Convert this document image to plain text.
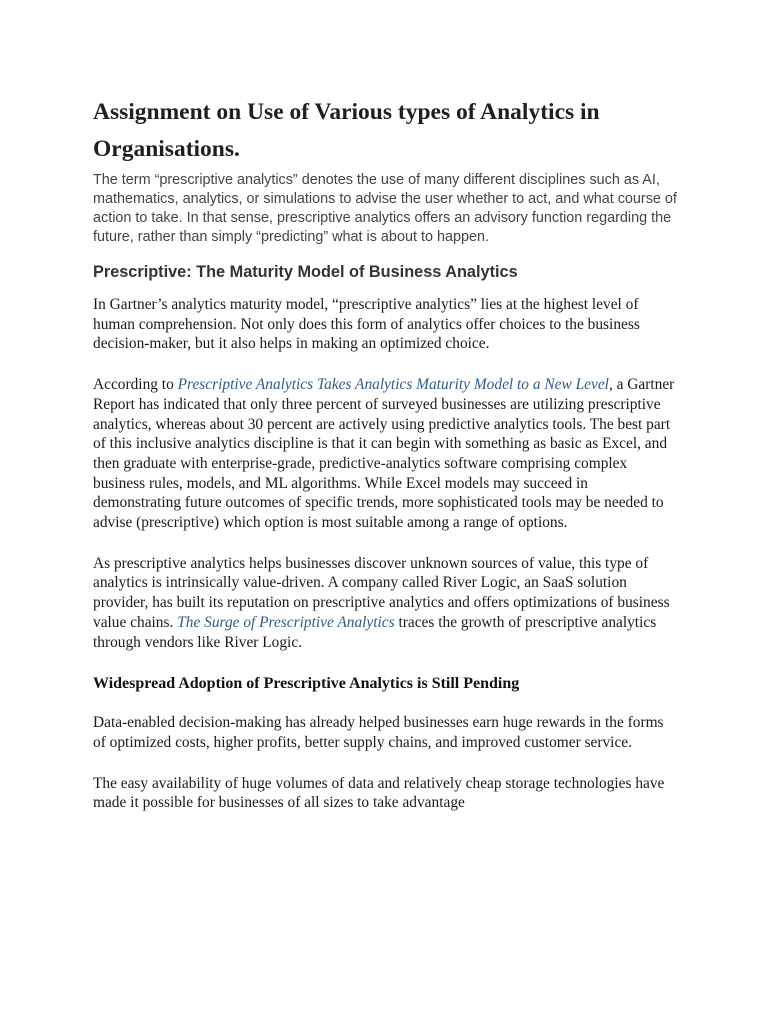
Assignment on Use of Various types of Analytics in Organisations.

The term “prescriptive analytics” denotes the use of many different disciplines such as AI, mathematics, analytics, or simulations to advise the user whether to act, and what course of action to take. In that sense, prescriptive analytics offers an advisory function regarding the future, rather than simply “predicting” what is about to happen.

Prescriptive: The Maturity Model of Business Analytics

In Gartner’s analytics maturity model, “prescriptive analytics” lies at the highest level of human comprehension. Not only does this form of analytics offer choices to the business decision-maker, but it also helps in making an optimized choice.

According to Prescriptive Analytics Takes Analytics Maturity Model to a New Level, a Gartner Report has indicated that only three percent of surveyed businesses are utilizing prescriptive analytics, whereas about 30 percent are actively using predictive analytics tools. The best part of this inclusive analytics discipline is that it can begin with something as basic as Excel, and then graduate with enterprise-grade, predictive-analytics software comprising complex business rules, models, and ML algorithms. While Excel models may succeed in demonstrating future outcomes of specific trends, more sophisticated tools may be needed to advise (prescriptive) which option is most suitable among a range of options.

As prescriptive analytics helps businesses discover unknown sources of value, this type of analytics is intrinsically value-driven. A company called River Logic, an SaaS solution provider, has built its reputation on prescriptive analytics and offers optimizations of business value chains. The Surge of Prescriptive Analytics traces the growth of prescriptive analytics through vendors like River Logic.

Widespread Adoption of Prescriptive Analytics is Still Pending

Data-enabled decision-making has already helped businesses earn huge rewards in the forms of optimized costs, higher profits, better supply chains, and improved customer service.

The easy availability of huge volumes of data and relatively cheap storage technologies have made it possible for businesses of all sizes to take advantage
